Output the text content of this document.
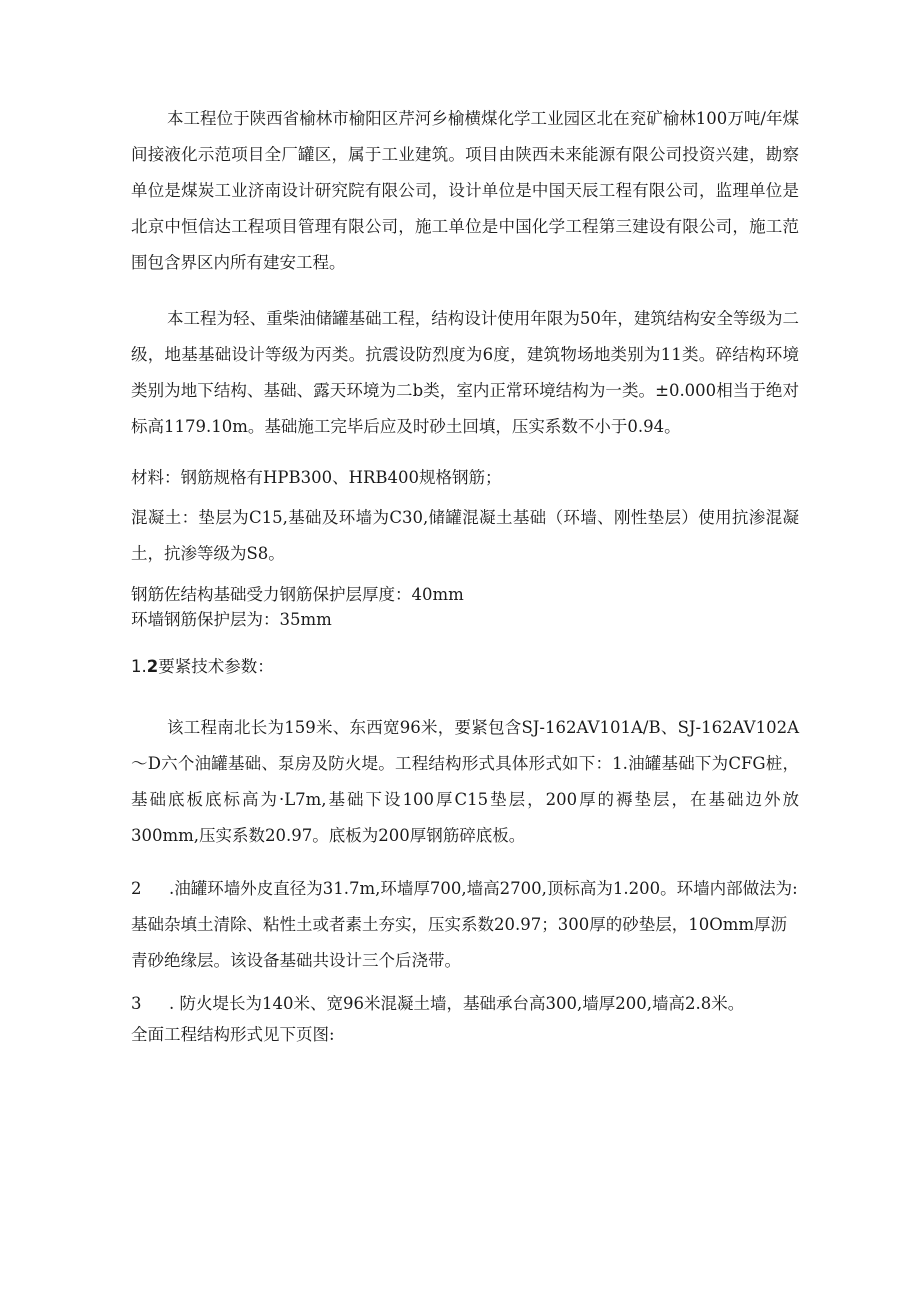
本工程位于陕西省榆林市榆阳区芹河乡榆横煤化学工业园区北在兖矿榆林100万吨/年煤间接液化示范项目全厂罐区，属于工业建筑。项目由陕西未来能源有限公司投资兴建，勘察单位是煤炭工业济南设计研究院有限公司，设计单位是中国天辰工程有限公司，监理单位是北京中恒信达工程项目管理有限公司，施工单位是中国化学工程第三建设有限公司，施工范围包含界区内所有建安工程。

本工程为轻、重柴油储罐基础工程，结构设计使用年限为50年，建筑结构安全等级为二级，地基基础设计等级为丙类。抗震设防烈度为6度，建筑物场地类别为11类。碎结构环境类别为地下结构、基础、露天环境为二b类，室内正常环境结构为一类。±0.000相当于绝对标高1179.10m。基础施工完毕后应及时砂土回填，压实系数不小于0.94。

材料：钢筋规格有HPB300、HRB400规格钢筋；

混凝土：垫层为C15,基础及环墙为C30,储罐混凝土基础（环墙、刚性垫层）使用抗渗混凝土，抗渗等级为S8。

钢筋佐结构基础受力钢筋保护层厚度：40mm

环墙钢筋保护层为：35mm

1.2要紧技术参数：

该工程南北长为159米、东西宽96米，要紧包含SJ-162AV101A/B、SJ-162AV102A～D六个油罐基础、泵房及防火堤。工程结构形式具体形式如下：1.油罐基础下为CFG桩，基础底板底标高为·L7m,基础下设100厚C15垫层，200厚的褥垫层，在基础边外放300mm,压实系数20.97。底板为200厚钢筋碎底板。

2 .油罐环墙外皮直径为31.7m,环墙厚700,墙高2700,顶标高为1.200。环墙内部做法为:基础杂填土清除、粘性土或者素土夯实，压实系数20.97；300厚的砂垫层，10Omm厚沥青砂绝缘层。该设备基础共设计三个后浇带。

3 . 防火堤长为140米、宽96米混凝土墙，基础承台高300,墙厚200,墙高2.8米。

全面工程结构形式见下页图:
